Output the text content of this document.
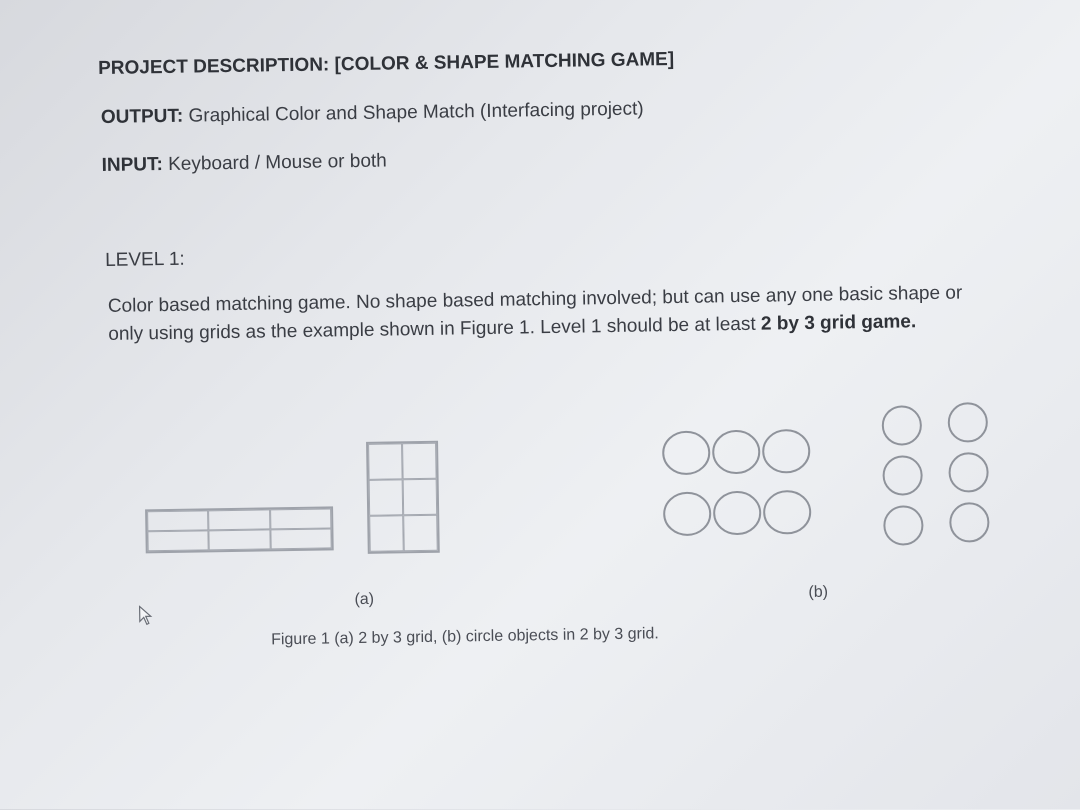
PROJECT DESCRIPTION: [COLOR & SHAPE MATCHING GAME]
OUTPUT: Graphical Color and Shape Match (Interfacing project)
INPUT: Keyboard / Mouse or both
LEVEL 1:
Color based matching game. No shape based matching involved; but can use any one basic shape or
only using grids as the example shown in Figure 1. Level 1 should be at least 2 by 3 grid game.
(a)	(b)
Figure 1 (a) 2 by 3 grid, (b) circle objects in 2 by 3 grid.
